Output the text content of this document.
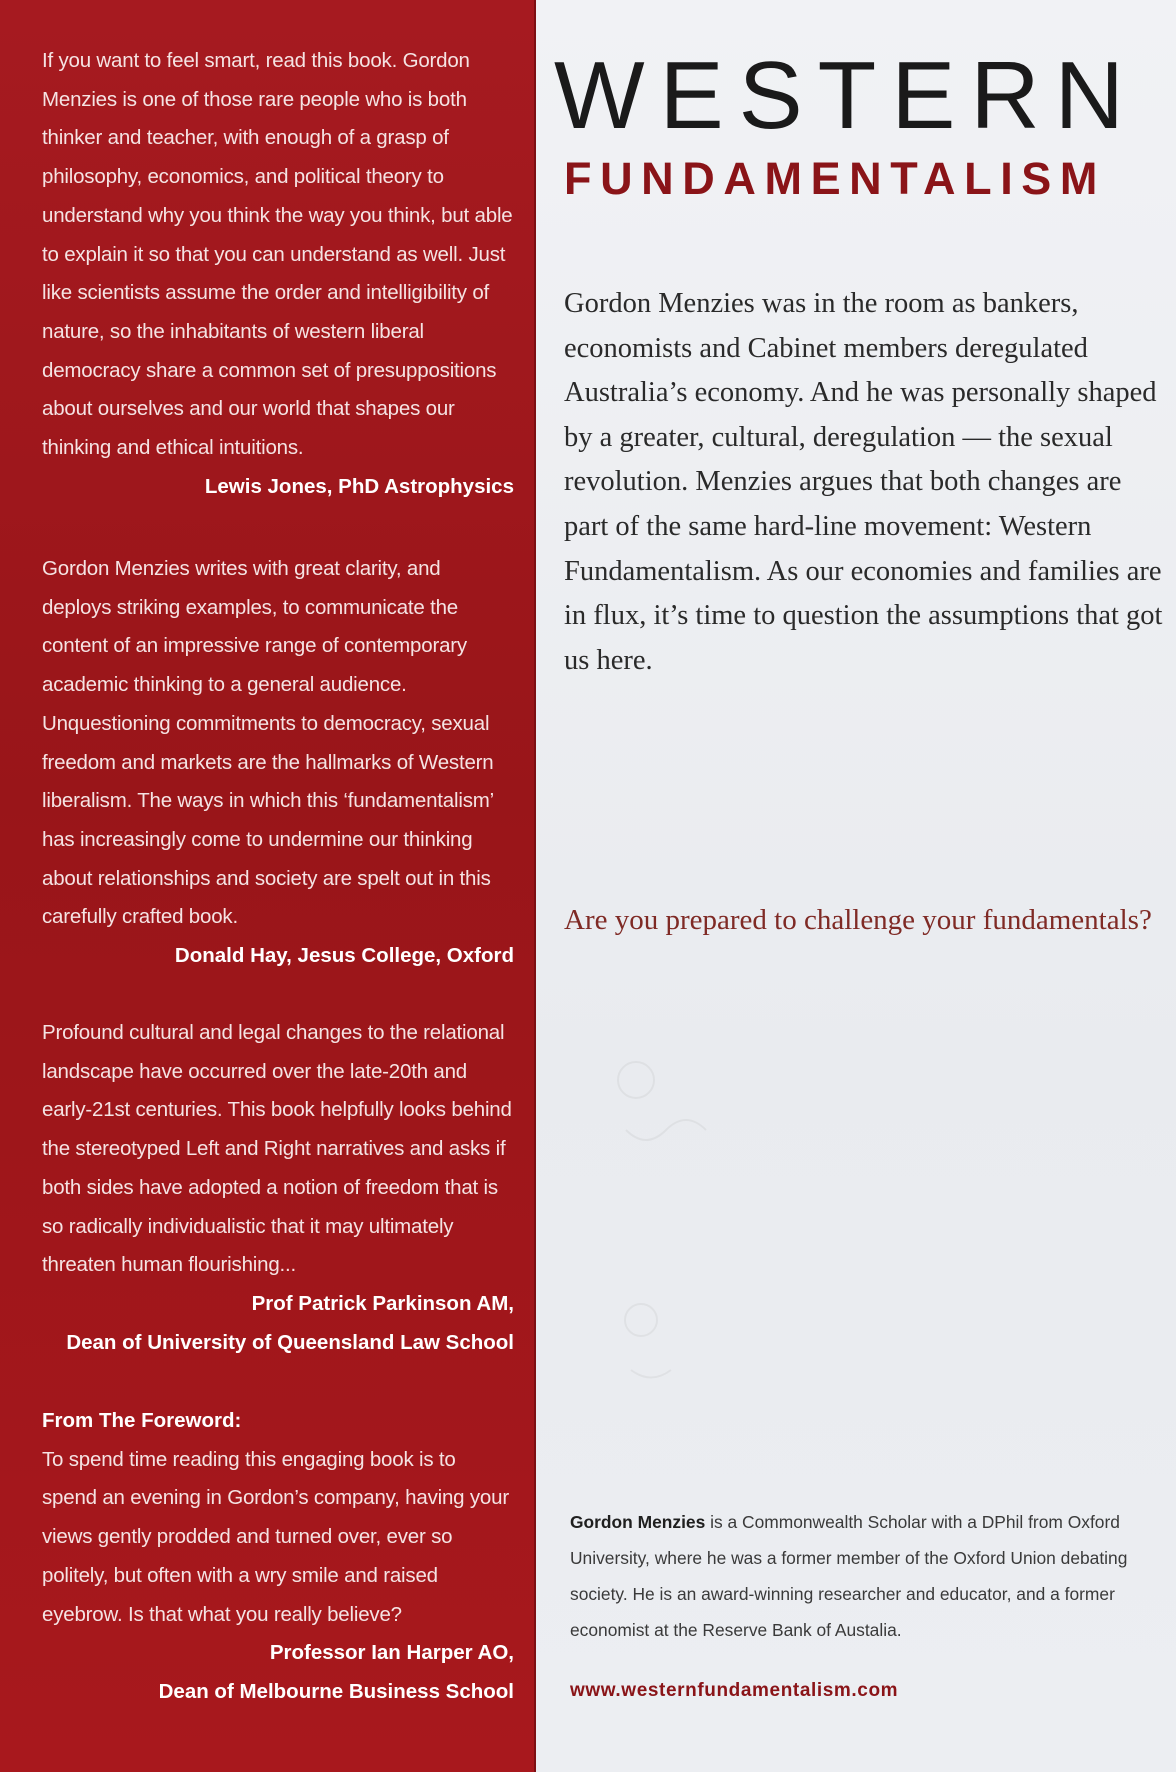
If you want to feel smart, read this book. Gordon Menzies is one of those rare people who is both thinker and teacher, with enough of a grasp of philosophy, economics, and political theory to understand why you think the way you think, but able to explain it so that you can understand as well. Just like scientists assume the order and intelligibility of nature, so the inhabitants of western liberal democracy share a common set of presuppositions about ourselves and our world that shapes our thinking and ethical intuitions.
Lewis Jones, PhD Astrophysics
Gordon Menzies writes with great clarity, and deploys striking examples, to communicate the content of an impressive range of contemporary academic thinking to a general audience. Unquestioning commitments to democracy, sexual freedom and markets are the hallmarks of Western liberalism. The ways in which this ‘fundamentalism’ has increasingly come to undermine our thinking about relationships and society are spelt out in this carefully crafted book.
Donald Hay, Jesus College, Oxford
Profound cultural and legal changes to the relational landscape have occurred over the late-20th and early-21st centuries. This book helpfully looks behind the stereotyped Left and Right narratives and asks if both sides have adopted a notion of freedom that is so radically individualistic that it may ultimately threaten human flourishing...
Prof Patrick Parkinson AM,
Dean of University of Queensland Law School
From The Foreword:
To spend time reading this engaging book is to spend an evening in Gordon’s company, having your views gently prodded and turned over, ever so politely, but often with a wry smile and raised eyebrow. Is that what you really believe?
Professor Ian Harper AO,
Dean of Melbourne Business School
WESTERN
FUNDAMENTALISM
Gordon Menzies was in the room as bankers, economists and Cabinet members deregulated Australia’s economy. And he was personally shaped by a greater, cultural, deregulation — the sexual revolution. Menzies argues that both changes are part of the same hard-line movement: Western Fundamentalism. As our economies and families are in flux, it’s time to question the assumptions that got us here.
Are you prepared to challenge your fundamentals?
Gordon Menzies is a Commonwealth Scholar with a DPhil from Oxford University, where he was a former member of the Oxford Union debating society. He is an award-winning researcher and educator, and a former economist at the Reserve Bank of Austalia.
www.westernfundamentalism.com
